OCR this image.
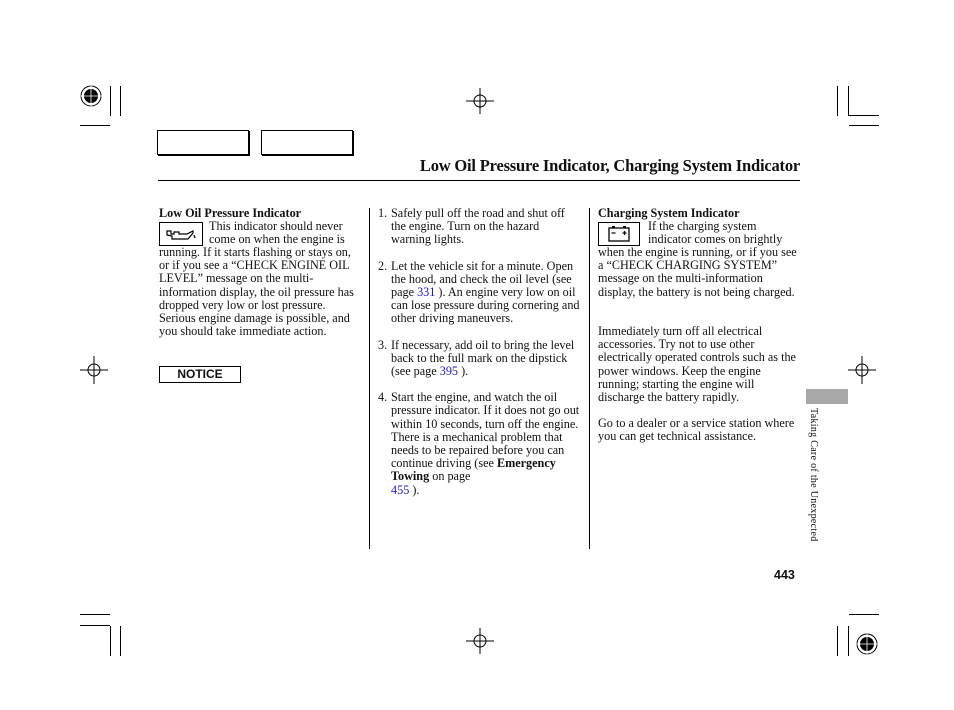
Low Oil Pressure Indicator, Charging System Indicator
Low Oil Pressure Indicator
This indicator should never
come on when the engine is
running. If it starts flashing or stays on, or if you see a “CHECK ENGINE OIL LEVEL” message on the multi-information display, the oil pressure has dropped very low or lost pressure. Serious engine damage is possible, and you should take immediate action.
NOTICE
1. Safely pull off the road and shut off the engine. Turn on the hazard warning lights.
2. Let the vehicle sit for a minute. Open the hood, and check the oil level (see page 331 ). An engine very low on oil can lose pressure during cornering and other driving maneuvers.
3. If necessary, add oil to bring the level back to the full mark on the dipstick (see page 395 ).
4. Start the engine, and watch the oil pressure indicator. If it does not go out within 10 seconds, turn off the engine. There is a mechanical problem that needs to be repaired before you can continue driving (see Emergency Towing on page
455 ).
Charging System Indicator
If the charging system
indicator comes on brightly
when the engine is running, or if you see a “CHECK CHARGING SYSTEM” message on the multi-information display, the battery is not being charged.
Immediately turn off all electrical accessories. Try not to use other electrically operated controls such as the power windows. Keep the engine running; starting the engine will discharge the battery rapidly.
Go to a dealer or a service station where you can get technical assistance.	Taking Care of the Unexpected
443
